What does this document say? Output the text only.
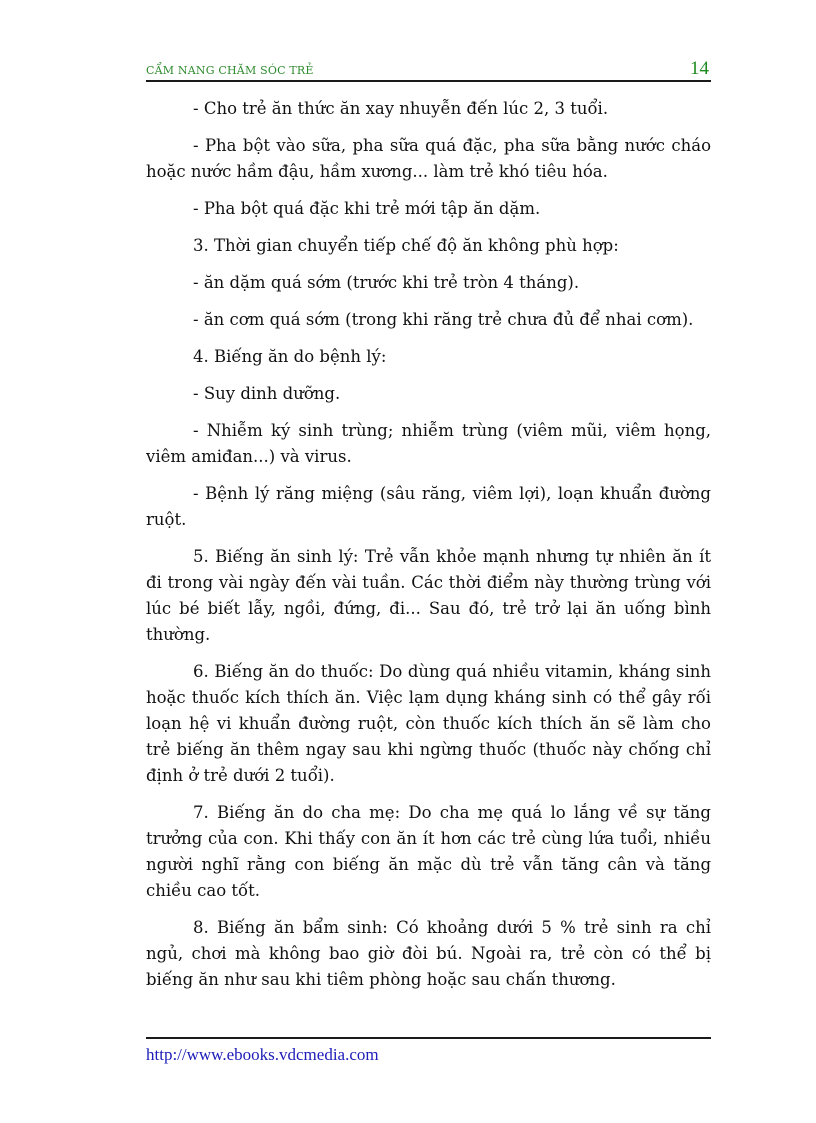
CẨM NANG CHĂM SÓC TRẺ	14

- Cho trẻ ăn thức ăn xay nhuyễn đến lúc 2, 3 tuổi.

- Pha bột vào sữa, pha sữa quá đặc, pha sữa bằng nước cháo hoặc nước hầm đậu, hầm xương... làm trẻ khó tiêu hóa.

- Pha bột quá đặc khi trẻ mới tập ăn dặm.

3. Thời gian chuyển tiếp chế độ ăn không phù hợp:

- ăn dặm quá sớm (trước khi trẻ tròn 4 tháng).

- ăn cơm quá sớm (trong khi răng trẻ chưa đủ để nhai cơm).

4. Biếng ăn do bệnh lý:

- Suy dinh dưỡng.

- Nhiễm ký sinh trùng; nhiễm trùng (viêm mũi, viêm họng, viêm amiđan...) và virus.

- Bệnh lý răng miệng (sâu răng, viêm lợi), loạn khuẩn đường ruột.

5. Biếng ăn sinh lý: Trẻ vẫn khỏe mạnh nhưng tự nhiên ăn ít đi trong vài ngày đến vài tuần. Các thời điểm này thường trùng với lúc bé biết lẫy, ngồi, đứng, đi... Sau đó, trẻ trở lại ăn uống bình thường.

6. Biếng ăn do thuốc: Do dùng quá nhiều vitamin, kháng sinh hoặc thuốc kích thích ăn. Việc lạm dụng kháng sinh có thể gây rối loạn hệ vi khuẩn đường ruột, còn thuốc kích thích ăn sẽ làm cho trẻ biếng ăn thêm ngay sau khi ngừng thuốc (thuốc này chống chỉ định ở trẻ dưới 2 tuổi).

7. Biếng ăn do cha mẹ: Do cha mẹ quá lo lắng về sự tăng trưởng của con. Khi thấy con ăn ít hơn các trẻ cùng lứa tuổi, nhiều người nghĩ rằng con biếng ăn mặc dù trẻ vẫn tăng cân và tăng chiều cao tốt.

8. Biếng ăn bẩm sinh: Có khoảng dưới 5 % trẻ sinh ra chỉ ngủ, chơi mà không bao giờ đòi bú. Ngoài ra, trẻ còn có thể bị biếng ăn như sau khi tiêm phòng hoặc sau chấn thương.

http://www.ebooks.vdcmedia.com
